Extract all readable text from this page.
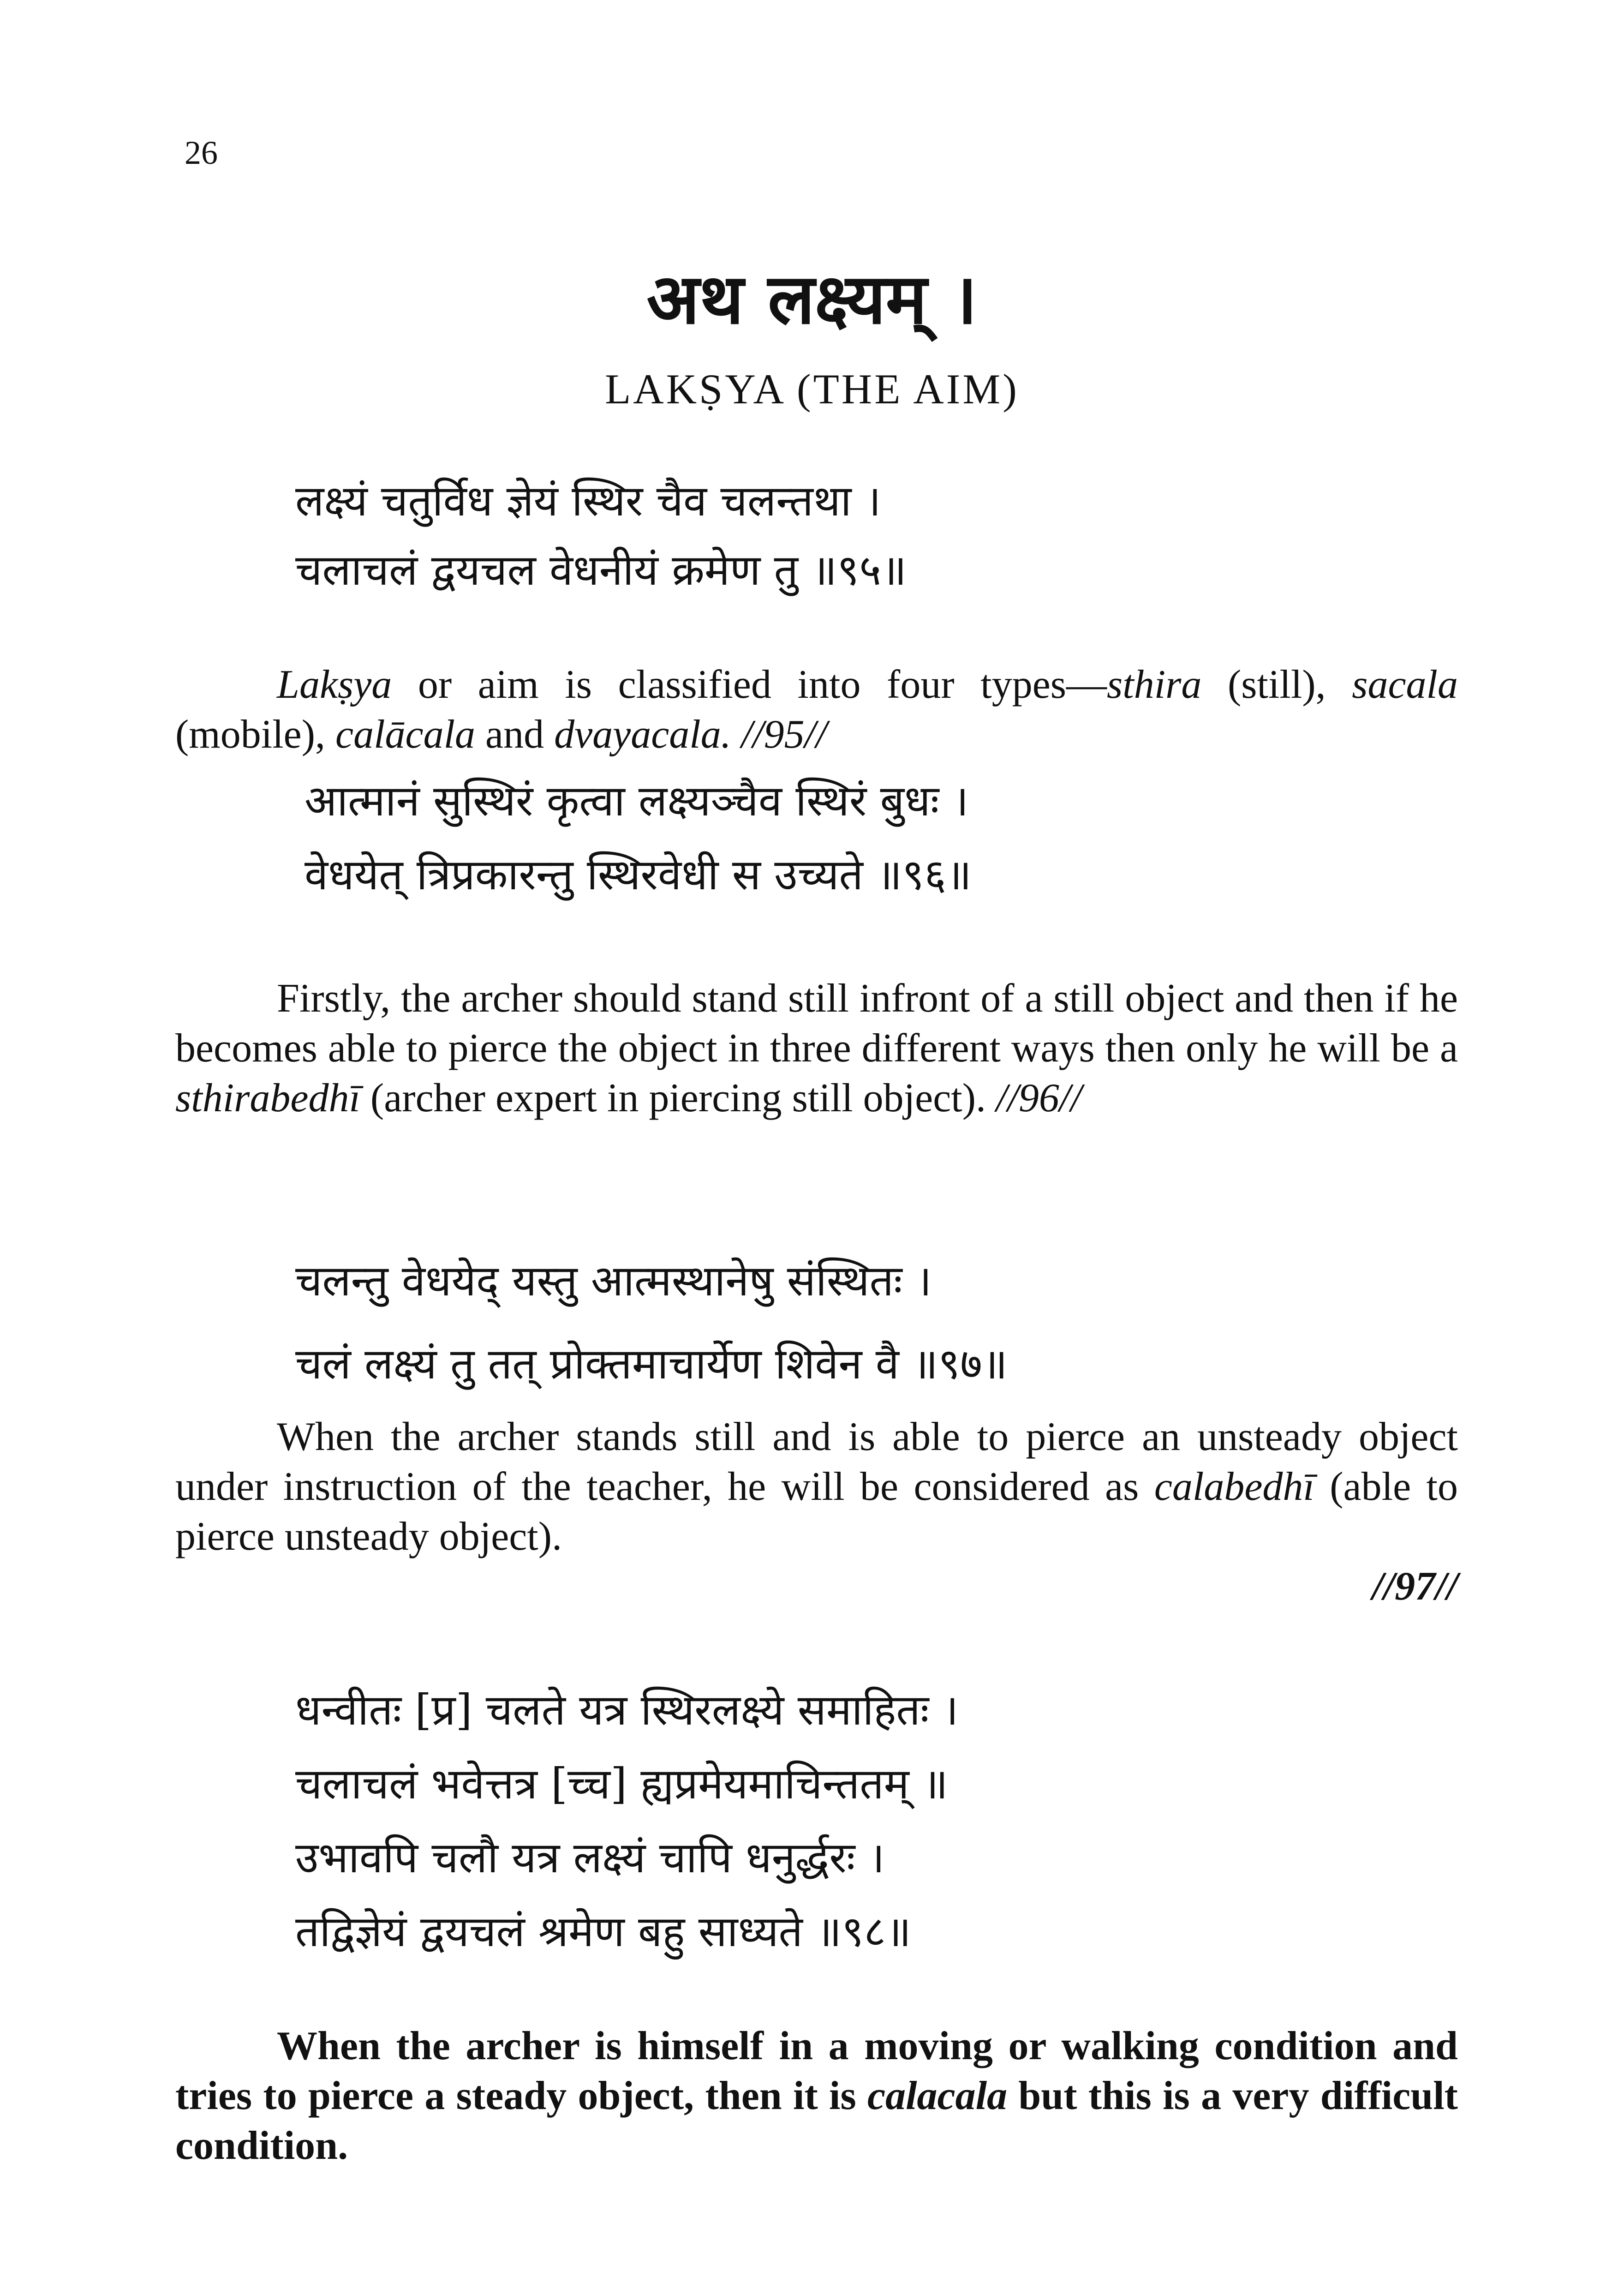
26
अथ लक्ष्यम् ।
LAKṢYA (THE AIM)
लक्ष्यं चतुर्विध ज्ञेयं स्थिर चैव चलन्तथा ।
चलाचलं द्वयचल वेधनीयं क्रमेण तु ॥९५॥
Lakṣya or aim is classified into four types—sthira (still), sacala (mobile), calācala and dvayacala. //95//
आत्मानं सुस्थिरं कृत्वा लक्ष्यञ्चैव स्थिरं बुधः ।
वेधयेत् त्रिप्रकारन्तु स्थिरवेधी स उच्यते ॥९६॥
Firstly, the archer should stand still infront of a still object and then if he becomes able to pierce the object in three different ways then only he will be a sthirabedhī (archer expert in piercing still object). //96//
चलन्तु वेधयेद् यस्तु आत्मस्थानेषु संस्थितः ।
चलं लक्ष्यं तु तत् प्रोक्तमाचार्येण शिवेन वै ॥९७॥
When the archer stands still and is able to pierce an unsteady object under instruction of the teacher, he will be considered as calabedhī (able to pierce unsteady object).
//97//
धन्वीतः [प्र] चलते यत्र स्थिरलक्ष्ये समाहितः ।
चलाचलं भवेत्तत्र [च्च] ह्यप्रमेयमाचिन्ततम् ॥
उभावपि चलौ यत्र लक्ष्यं चापि धनुर्द्धरः ।
तद्विज्ञेयं द्वयचलं श्रमेण बहु साध्यते ॥९८॥
When the archer is himself in a moving or walking condition and tries to pierce a steady object, then it is calacala but this is a very difficult condition.
